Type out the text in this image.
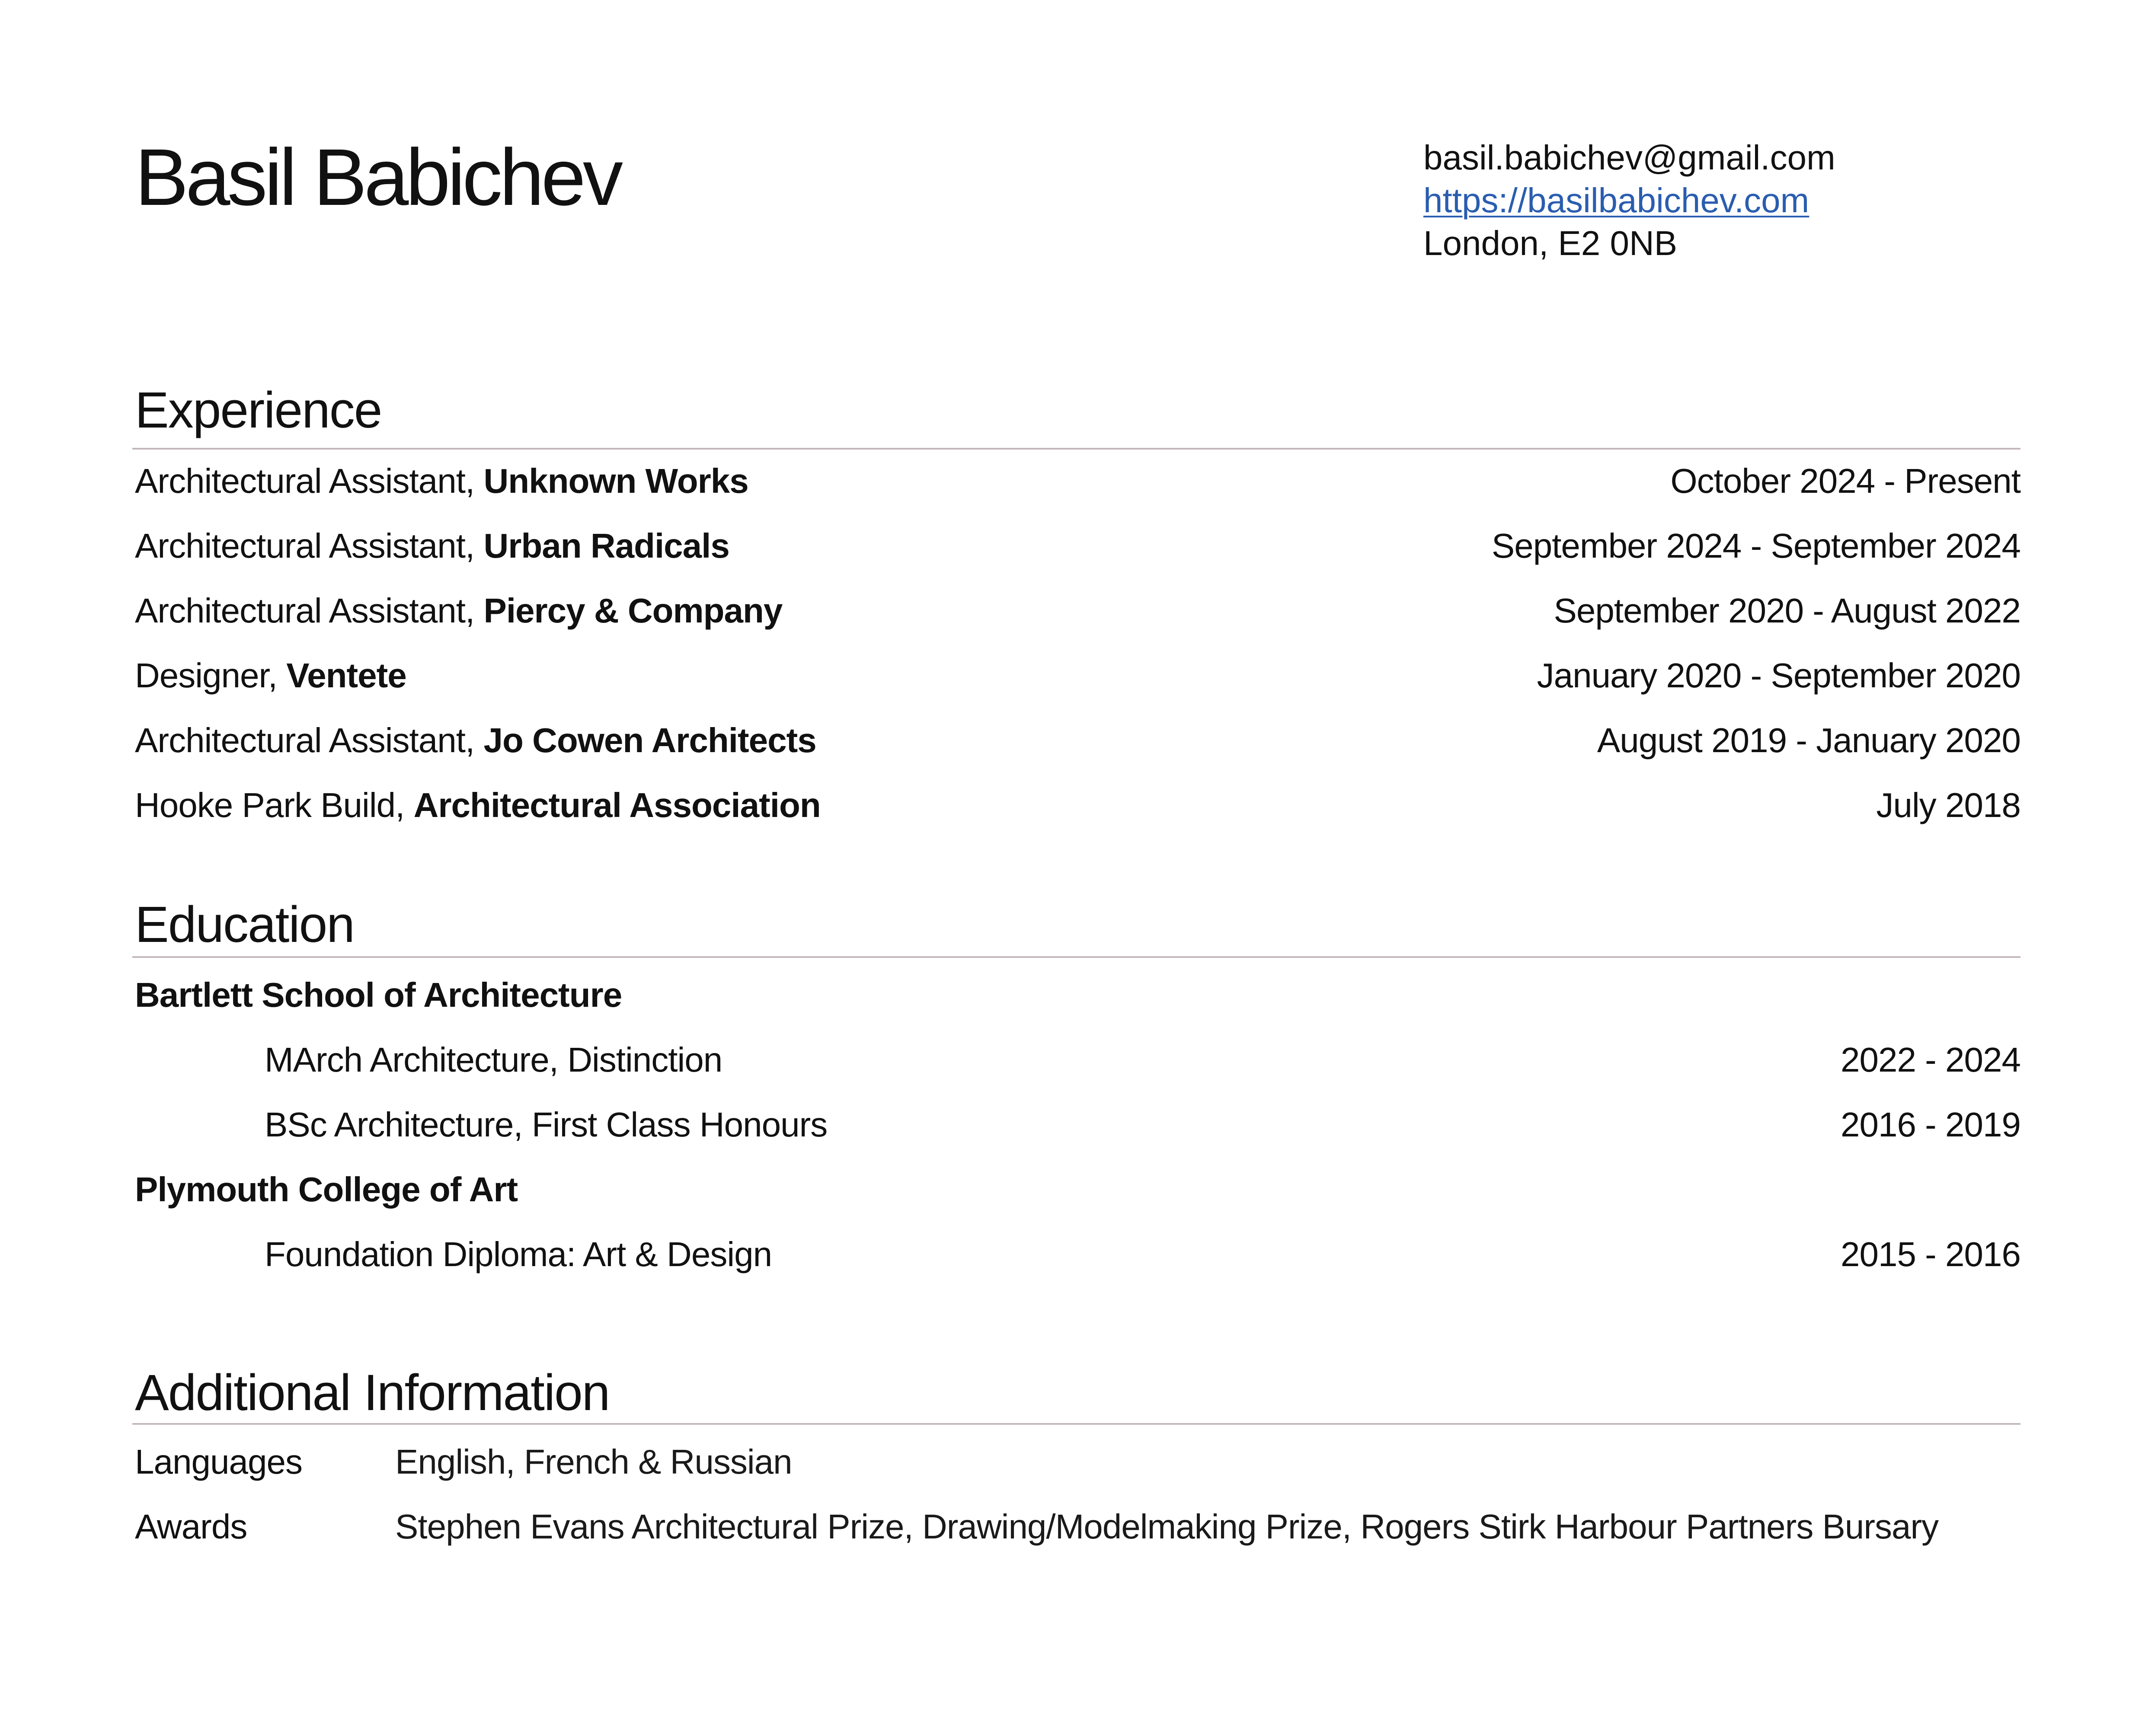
Basil Babichev	basil.babichev@gmail.com
https://basilbabichev.com
London, E2 0NB
Experience
Architectural Assistant, Unknown Works	October 2024 - Present
Architectural Assistant, Urban Radicals	September 2024 - September 2024
Architectural Assistant, Piercy & Company	September 2020 - August 2022
Designer, Ventete	January 2020 - September 2020
Architectural Assistant, Jo Cowen Architects	August 2019 - January 2020
Hooke Park Build, Architectural Association	July 2018
Education
Bartlett School of Architecture
MArch Architecture, Distinction	2022 - 2024
BSc Architecture, First Class Honours	2016 - 2019
Plymouth College of Art
Foundation Diploma: Art & Design	2015 - 2016
Additional Information
Languages	English, French & Russian
Awards	Stephen Evans Architectural Prize, Drawing/Modelmaking Prize, Rogers Stirk Harbour Partners Bursary
